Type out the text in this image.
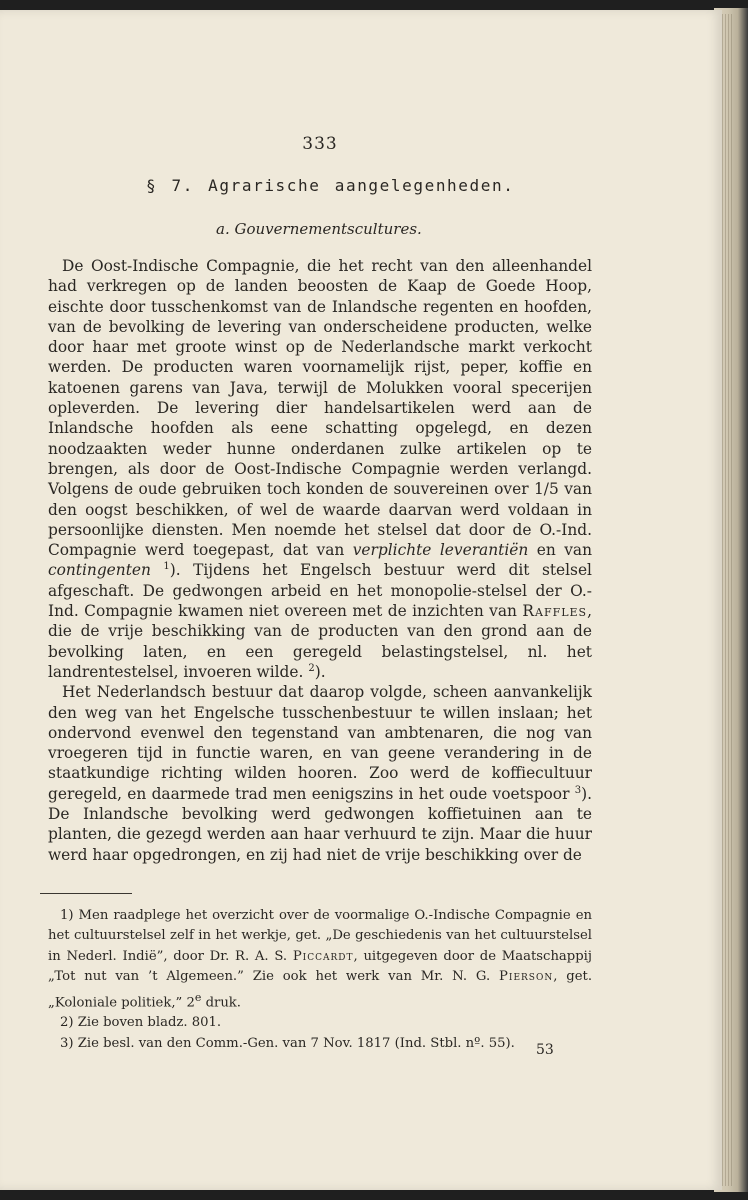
333
§ 7. Agrarische aangelegenheden.
a. Gouvernementscultures.

De Oost-Indische Compagnie, die het recht van den alleenhandel had verkregen op de landen beoosten de Kaap de Goede Hoop, eischte door tusschenkomst van de Inlandsche regenten en hoofden, van de bevolking de levering van onderscheidene producten, welke door haar met groote winst op de Nederlandsche markt verkocht werden. De producten waren voornamelijk rijst, peper, koffie en katoenen garens van Java, terwijl de Molukken vooral specerijen opleverden. De levering dier handelsartikelen werd aan de Inlandsche hoofden als eene schatting opgelegd, en dezen noodzaakten weder hunne onderdanen zulke artikelen op te brengen, als door de Oost-Indische Compagnie werden verlangd. Volgens de oude gebruiken toch konden de souvereinen over 1/5 van den oogst beschikken, of wel de waarde daarvan werd voldaan in persoonlijke diensten. Men noemde het stelsel dat door de O.-Ind. Compagnie werd toegepast, dat van verplichte leverantiën en van contingenten $^1$). Tijdens het Engelsch bestuur werd dit stelsel afgeschaft. De gedwongen arbeid en het monopolie-stelsel der O.-Ind. Compagnie kwamen niet overeen met de inzichten van Raffles, die de vrije beschikking van de producten van den grond aan de bevolking laten, en een geregeld belastingstelsel, nl. het landrentestelsel, invoeren wilde. $^2$).

Het Nederlandsch bestuur dat daarop volgde, scheen aanvankelijk den weg van het Engelsche tusschenbestuur te willen inslaan; het ondervond evenwel den tegenstand van ambtenaren, die nog van vroegeren tijd in functie waren, en van geene verandering in de staatkundige richting wilden hooren. Zoo werd de koffiecultuur geregeld, en daarmede trad men eenigszins in het oude voetspoor $^3$). De Inlandsche bevolking werd gedwongen koffietuinen aan te planten, die gezegd werden aan haar verhuurd te zijn. Maar die huur werd haar opgedrongen, en zij had niet de vrije beschikking over de

1) Men raadplege het overzicht over de voormalige O.-Indische Compagnie en het cultuurstelsel zelf in het werkje, get. „De geschiedenis van het cultuurstelsel in Nederl. Indië”, door Dr. R. A. S. Piccardt, uitgegeven door de Maatschappij „Tot nut van ’t Algemeen.” Zie ook het werk van Mr. N. G. Pierson, get. „Koloniale politiek,” 2e druk.

2) Zie boven bladz. 801.

3) Zie besl. van den Comm.-Gen. van 7 Nov. 1817 (Ind. Stbl. nº. 55).	53
